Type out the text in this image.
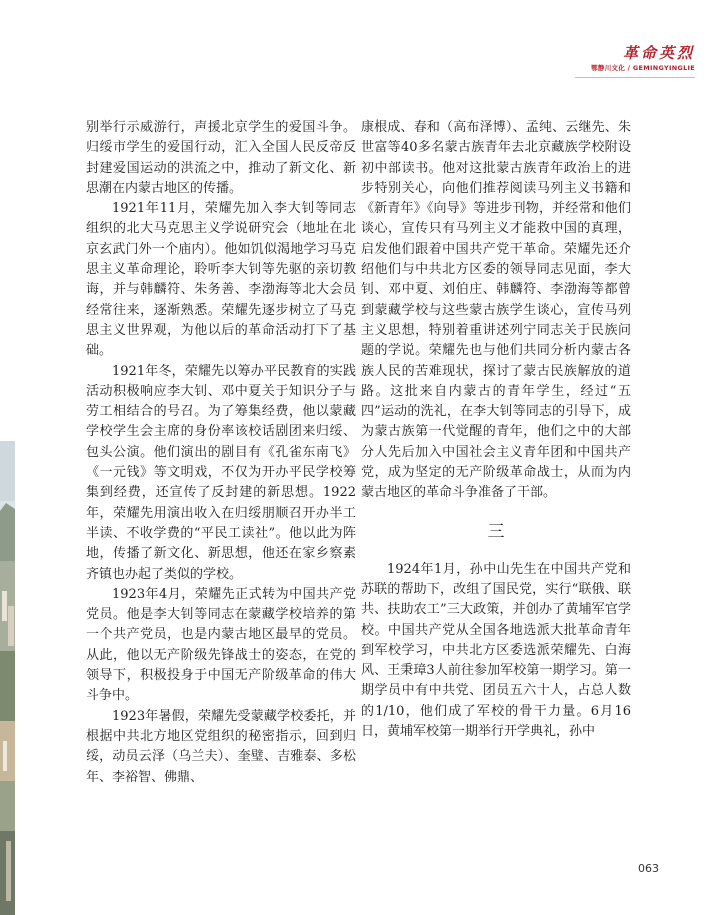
革命英烈
鄂静川文化 / GEMINGYINGLIE

别举行示威游行，声援北京学生的爱国斗争。归绥市学生的爱国行动，汇入全国人民反帝反封建爱国运动的洪流之中，推动了新文化、新思潮在内蒙古地区的传播。

1921年11月，荣耀先加入李大钊等同志组织的北大马克思主义学说研究会（地址在北京玄武门外一个庙内）。他如饥似渴地学习马克思主义革命理论，聆听李大钊等先驱的亲切教诲，并与韩麟符、朱务善、李渤海等北大会员经常往来，逐渐熟悉。荣耀先逐步树立了马克思主义世界观，为他以后的革命活动打下了基础。

1921年冬，荣耀先以筹办平民教育的实践活动积极响应李大钊、邓中夏关于知识分子与劳工相结合的号召。为了筹集经费，他以蒙藏学校学生会主席的身份率该校话剧团来归绥、包头公演。他们演出的剧目有《孔雀东南飞》《一元钱》等文明戏，不仅为开办平民学校筹集到经费，还宣传了反封建的新思想。1922年，荣耀先用演出收入在归绥朋顺召开办半工半读、不收学费的“平民工读社”。他以此为阵地，传播了新文化、新思想，他还在家乡察素齐镇也办起了类似的学校。

1923年4月，荣耀先正式转为中国共产党党员。他是李大钊等同志在蒙藏学校培养的第一个共产党员，也是内蒙古地区最早的党员。从此，他以无产阶级先锋战士的姿态，在党的领导下，积极投身于中国无产阶级革命的伟大斗争中。

1923年暑假，荣耀先受蒙藏学校委托，并根据中共北方地区党组织的秘密指示，回到归绥，动员云泽（乌兰夫）、奎璧、吉雅泰、多松年、李裕智、佛鼎、

康根成、春和（高布泽博）、孟纯、云继先、朱世富等40多名蒙古族青年去北京藏族学校附设初中部读书。他对这批蒙古族青年政治上的进步特别关心，向他们推荐阅读马列主义书籍和《新青年》《向导》等进步刊物，并经常和他们谈心，宣传只有马列主义才能救中国的真理，启发他们跟着中国共产党干革命。荣耀先还介绍他们与中共北方区委的领导同志见面，李大钊、邓中夏、刘伯庄、韩麟符、李渤海等都曾到蒙藏学校与这些蒙古族学生谈心，宣传马列主义思想，特别着重讲述列宁同志关于民族问题的学说。荣耀先也与他们共同分析内蒙古各族人民的苦难现状，探讨了蒙古民族解放的道路。这批来自内蒙古的青年学生，经过“五四”运动的洗礼，在李大钊等同志的引导下，成为蒙古族第一代觉醒的青年，他们之中的大部分人先后加入中国社会主义青年团和中国共产党，成为坚定的无产阶级革命战士，从而为内蒙古地区的革命斗争准备了干部。

三

1924年1月，孙中山先生在中国共产党和苏联的帮助下，改组了国民党，实行“联俄、联共、扶助农工”三大政策，并创办了黄埔军官学校。中国共产党从全国各地选派大批革命青年到军校学习，中共北方区委选派荣耀先、白海风、王秉璋3人前往参加军校第一期学习。第一期学员中有中共党、团员五六十人，占总人数的1/10，他们成了军校的骨干力量。6月16日，黄埔军校第一期举行开学典礼，孙中

063
